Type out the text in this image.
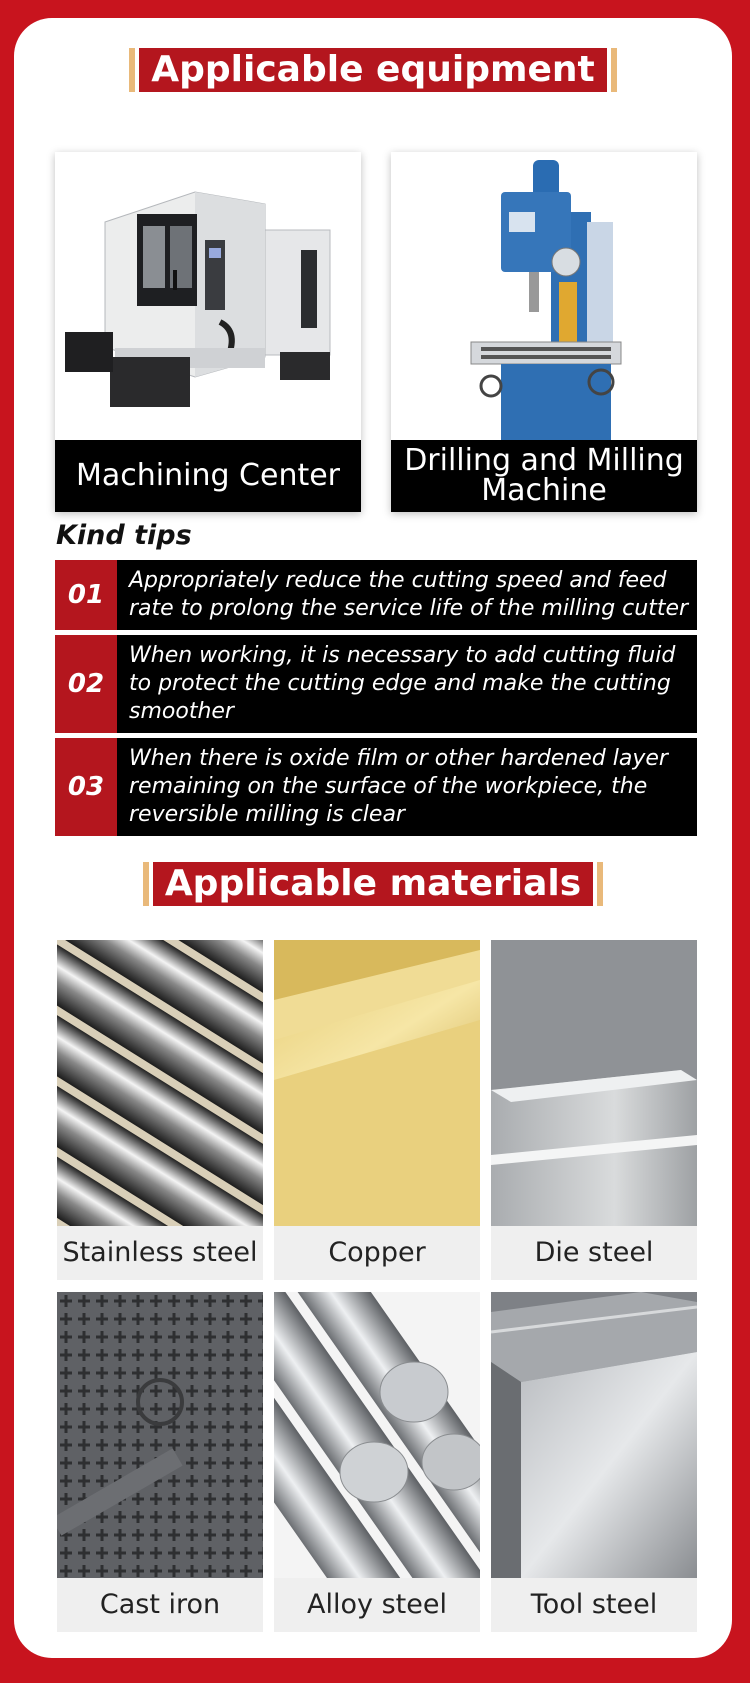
Applicable equipment
Machining Center	Drilling and Milling Machine
Kind tips
01	Appropriately reduce the cutting speed and feed rate to prolong the service life of the milling cutter
02
When working, it is necessary to add cutting fluid to protect the cutting edge and make the cutting smoother
03
When there is oxide film or other hardened layer remaining on the surface of the workpiece, the reversible milling is clear
Applicable materials
Stainless steel	Copper	Die steel
Cast iron	Alloy steel	Tool steel
